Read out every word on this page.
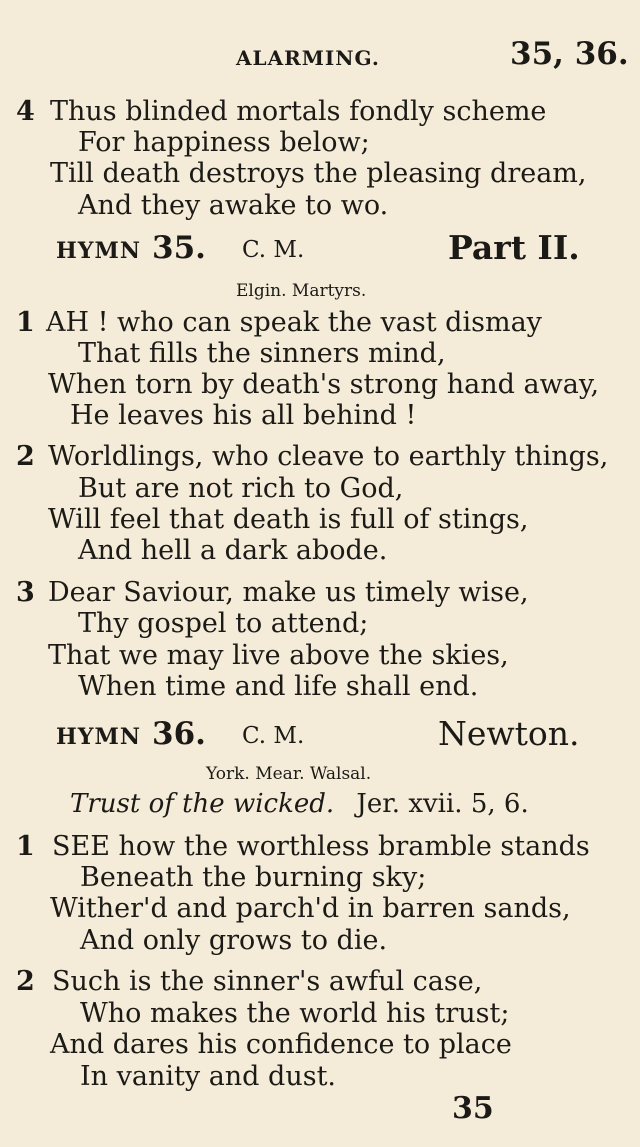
ALARMING.	35, 36.
4 Thus blinded mortals fondly scheme
For happiness below;
Till death destroys the pleasing dream,
And they awake to wo.
HYMN 35. C. M.	Part II.
Elgin. Martyrs.
1 AH ! who can speak the vast dismay
That fills the sinners mind,
When torn by death's strong hand away,
He leaves his all behind !
2 Worldlings, who cleave to earthly things,
But are not rich to God,
Will feel that death is full of stings,
And hell a dark abode.
3 Dear Saviour, make us timely wise,
Thy gospel to attend;
That we may live above the skies,
When time and life shall end.
HYMN 36. C. M.	Newton.
York. Mear. Walsal.
Trust of the wicked. Jer. xvii. 5, 6.
1 SEE how the worthless bramble stands
Beneath the burning sky;
Wither'd and parch'd in barren sands,
And only grows to die.
2 Such is the sinner's awful case,
Who makes the world his trust;
And dares his confidence to place
In vanity and dust.
35
